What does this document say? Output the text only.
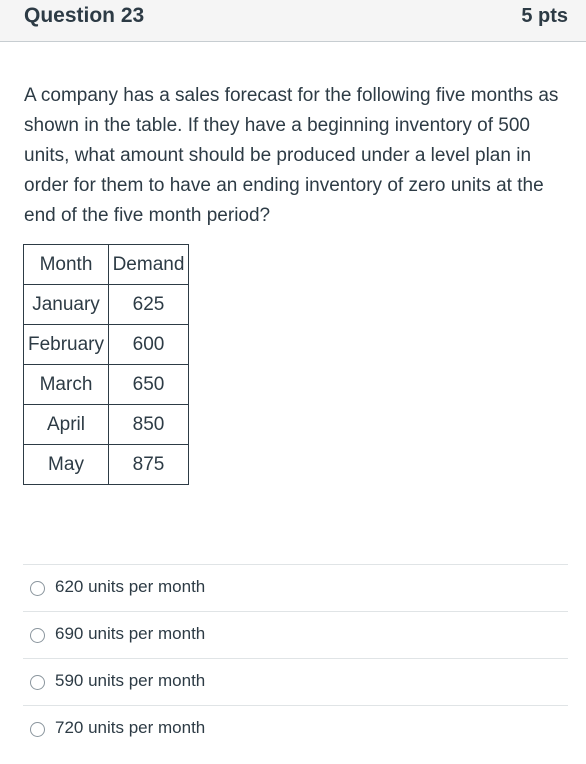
Question 23	5 pts
A company has a sales forecast for the following five months as shown in the table. If they have a beginning inventory of 500 units, what amount should be produced under a level plan in order for them to have an ending inventory of zero units at the end of the five month period?
Month	Demand
January	625
February	600
March	650
April	850
May	875
620 units per month
690 units per month
590 units per month
720 units per month
